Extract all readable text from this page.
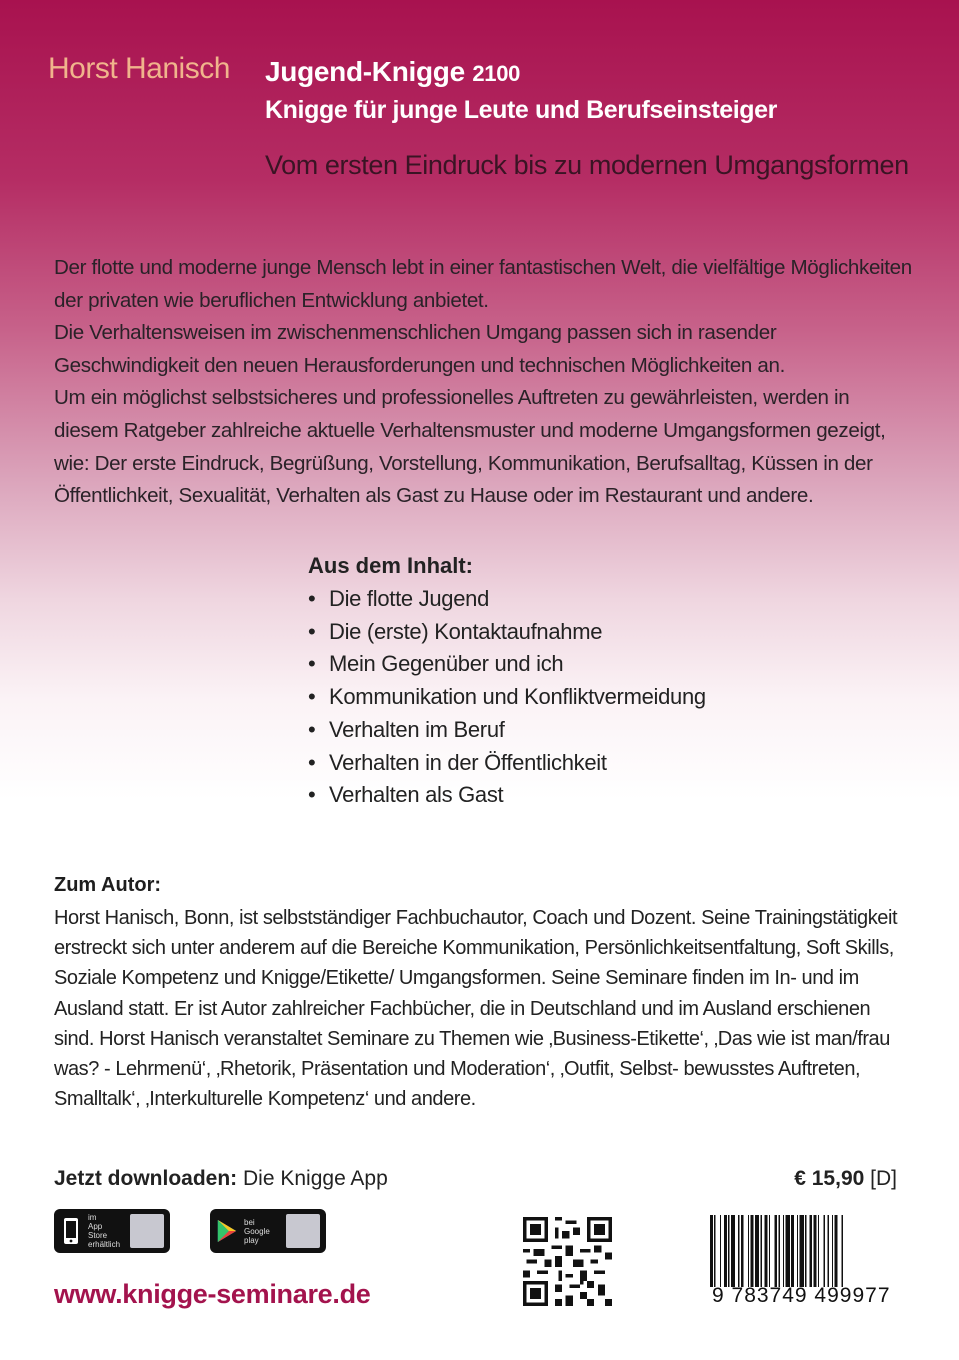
Horst Hanisch Jugend-Knigge 2100
Knigge für junge Leute und Berufseinsteiger
Vom ersten Eindruck bis zu modernen Umgangsformen

Der flotte und moderne junge Mensch lebt in einer fantastischen Welt, die vielfältige Möglichkeiten der privaten wie beruflichen Entwicklung anbietet.

Die Verhaltensweisen im zwischenmenschlichen Umgang passen sich in rasender Geschwindigkeit den neuen Herausforderungen und technischen Möglichkeiten an.

Um ein möglichst selbstsicheres und professionelles Auftreten zu gewährleisten, werden in diesem Ratgeber zahlreiche aktuelle Verhaltensmuster und moderne Umgangsformen gezeigt, wie: Der erste Eindruck, Begrüßung, Vorstellung, Kommunikation, Berufsalltag, Küssen in der Öffentlichkeit, Sexualität, Verhalten als Gast zu Hause oder im Restaurant und andere.

Aus dem Inhalt:
• Die flotte Jugend
• Die (erste) Kontaktaufnahme
• Mein Gegenüber und ich
• Kommunikation und Konfliktvermeidung
• Verhalten im Beruf
• Verhalten in der Öffentlichkeit
• Verhalten als Gast
Zum Autor:
Horst Hanisch, Bonn, ist selbstständiger Fachbuchautor, Coach und Dozent. Seine Trainingstätigkeit erstreckt sich unter anderem auf die Bereiche Kommunikation, Persönlichkeitsentfaltung, Soft Skills, Soziale Kompetenz und Knigge/Etikette/ Umgangsformen. Seine Seminare finden im In- und im Ausland statt. Er ist Autor zahlreicher Fachbücher, die in Deutschland und im Ausland erschienen sind. Horst Hanisch veranstaltet Seminare zu Themen wie ‚Business-Etikette‘, ‚Das wie ist man/frau was? - Lehrmenü‘, ‚Rhetorik, Präsentation und Moderation‘, ‚Outfit, Selbst- bewusstes Auftreten, Smalltalk‘, ‚Interkulturelle Kompetenz‘ und andere.
Jetzt downloaden: Die Knigge App	€ 15,90 [D]
im
App Store
erhältlich
bei
Google
play
www.knigge-seminare.de	9 783749 499977
